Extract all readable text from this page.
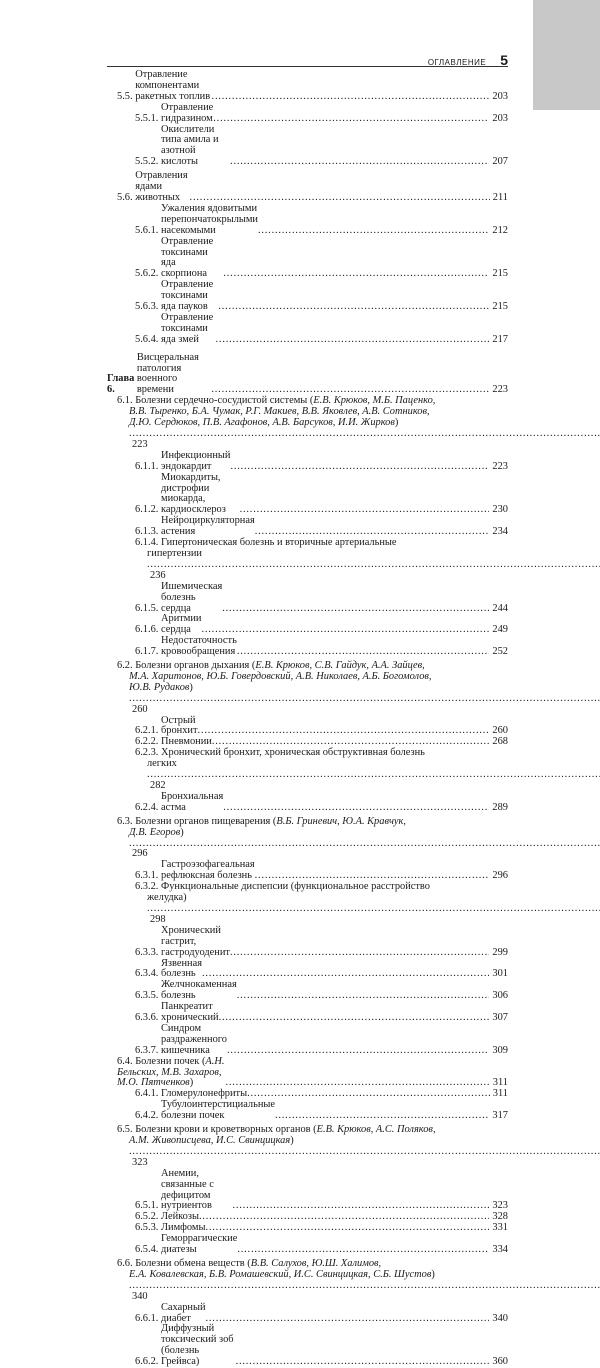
ОГЛАВЛЕНИЕ 5
5.5.

Отравление компонентами ракетных топлив . . .	203
5.5.1.

Отравление гидразином . . .	203
5.5.2.

Окислители типа амила и азотной кислоты . . .	207
5.6.

Отравления ядами животных . . .	211
5.6.1.

Ужаления ядовитыми перепончатокрылыми насекомыми . . .	212
5.6.2.

Отравление токсинами яда скорпиона . . .	215
5.6.3.

Отравление токсинами яда пауков . . .	215
5.6.4.

Отравление токсинами яда змей . . .	217
Глава 6.

Висцеральная патология военного времени . . .	223
6.1. Болезни сердечно-сосудистой системы (Е.В. Крюков, М.Б. Паценко,
В.В. Тыренко, Б.А. Чумак, Р.Г. Макиев, В.В. Яковлев, А.В. Сотников,
Д.Ю. Сердюков, П.В. Агафонов, А.В. Барсуков, И.И. Жирков) . . . 223
6.1.1.

Инфекционный эндокардит . . .	223
6.1.2.

Миокардиты, дистрофии миокарда, кардиосклероз . . .	230
6.1.3.

Нейроциркуляторная астения . . .	234
6.1.4. Гипертоническая болезнь и вторичные артериальные
гипертензии . . . 236
6.1.5.

Ишемическая болезнь сердца . . .	244
6.1.6.

Аритмии сердца . . .	249
6.1.7.

Недостаточность кровообращения . . .	252
6.2. Болезни органов дыхания (Е.В. Крюков, С.В. Гайдук, А.А. Зайцев,
М.А. Харитонов, Ю.Б. Говердовский, А.В. Николаев, А.Б. Богомолов,
Ю.В. Рудаков) . . . 260
6.2.1.

Острый бронхит . . .	260
6.2.2.
Пневмонии . . .	268
6.2.3. Хронический бронхит, хроническая обструктивная болезнь
легких . . . 282
6.2.4.

Бронхиальная астма . . .	289
6.3. Болезни органов пищеварения (В.Б. Гриневич, Ю.А. Кравчук,
Д.В. Егоров) . . . 296
6.3.1.

Гастроэзофагеальная рефлюксная болезнь . . .	296
6.3.2. Функциональные диспепсии (функциональное расстройство
желудка) . . . 298
6.3.3.

Хронический гастрит, гастродуоденит . . .	299
6.3.4.

Язвенная болезнь . . .	301
6.3.5.

Желчнокаменная болезнь . . .	306
6.3.6.

Панкреатит хронический . . .	307
6.3.7.

Синдром раздраженного кишечника . . .	309
6.4. Болезни почек (А.Н. Бельских, М.В. Захаров, М.О. Пятченков) . . .	311
6.4.1.
Гломерулонефриты . . .	311
6.4.2.

Тубулоинтерстициальные болезни почек . . .	317
6.5. Болезни крови и кроветворных органов (Е.В. Крюков, А.С. Поляков,
А.М. Живописцева, И.С. Свинцицкая) . . . 323
6.5.1.

Анемии, связанные с дефицитом нутриентов . . .	323
6.5.2.
Лейкозы . . .	328
6.5.3.
Лимфомы . . .	331
6.5.4.

Геморрагические диатезы . . .	334
6.6. Болезни обмена веществ (В.В. Салухов, Ю.Ш. Халимов,
Е.А. Ковалевская, Б.В. Ромашевский, И.С. Свинцицкая, С.Б. Шустов) . . . 340
6.6.1.

Сахарный диабет . . .	340
6.6.2.

Диффузный токсический зоб (болезнь Грейвса) . . .	360
